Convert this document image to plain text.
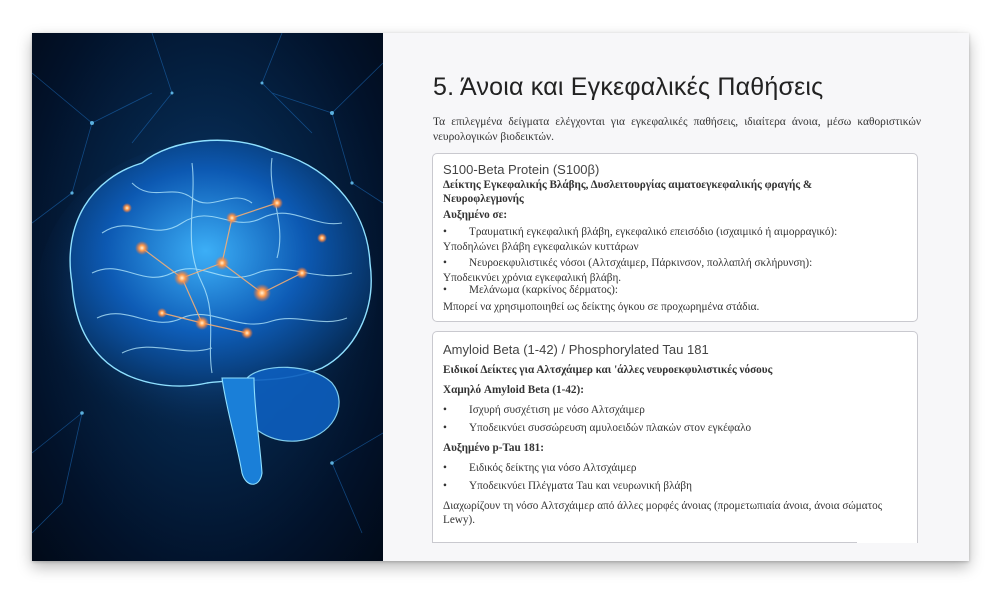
5. Άνοια και Εγκεφαλικές Παθήσεις

Τα επιλεγμένα δείγματα ελέγχονται για εγκεφαλικές παθήσεις, ιδιαίτερα άνοια, μέσω καθοριστικών νευρολογικών βιοδεικτών.

S100-Beta Protein (S100β)
Δείκτης Εγκεφαλικής Βλάβης, Δυσλειτουργίας αιματοεγκεφαλικής φραγής & Νευροφλεγμονής
Αυξημένο σε:
• Τραυματική εγκεφαλική βλάβη, εγκεφαλικό επεισόδιο (ισχαιμικό ή αιμορραγικό):
Υποδηλώνει βλάβη εγκεφαλικών κυττάρων
• Νευροεκφυλιστικές νόσοι (Αλτσχάιμερ, Πάρκινσον, πολλαπλή σκλήρυνση):
Υποδεικνύει χρόνια εγκεφαλική βλάβη.
• Μελάνωμα (καρκίνος δέρματος):
Μπορεί να χρησιμοποιηθεί ως δείκτης όγκου σε προχωρημένα στάδια.
Amyloid Beta (1-42) / Phosphorylated Tau 181
Ειδικοί Δείκτες για Αλτσχάιμερ και 'άλλες νευροεκφυλιστικές νόσους
Χαμηλό Amyloid Beta (1-42):
• Ισχυρή συσχέτιση με νόσο Αλτσχάιμερ
• Υποδεικνύει συσσώρευση αμυλοειδών πλακών στον εγκέφαλο
Αυξημένο p-Tau 181:
• Ειδικός δείκτης για νόσο Αλτσχάιμερ
• Υποδεικνύει Πλέγματα Tau και νευρωνική βλάβη
Διαχωρίζουν τη νόσο Αλτσχάιμερ από άλλες μορφές άνοιας (προμετωπιαία άνοια, άνοια σώματος Lewy).
